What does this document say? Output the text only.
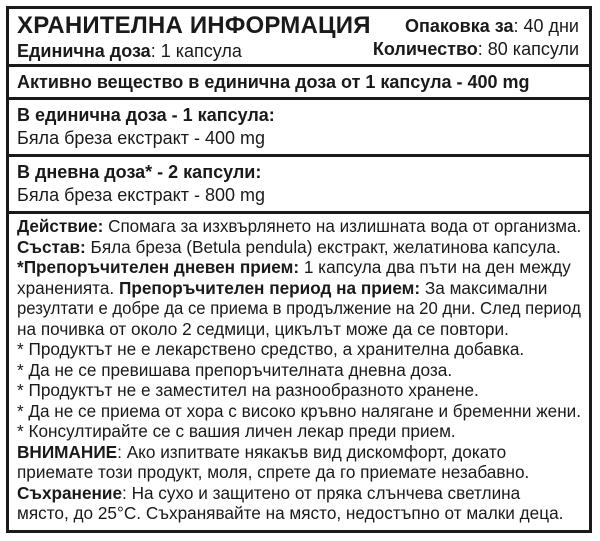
ХРАНИТЕЛНА ИНФОРМАЦИЯ
Единична доза: 1 капсула
Опаковка за: 40 дни
Количество: 80 капсули
Активно вещество в единична доза от 1 капсула - 400 mg
В единична доза - 1 капсула:
Бяла бреза екстракт - 400 mg
В дневна доза* - 2 капсули:
Бяла бреза екстракт - 800 mg
Действие: Спомага за изхвърлянето на излишната вода от организма.
Състав: Бяла бреза (Betula pendula) екстракт, желатинова капсула.
*Препоръчителен дневен прием: 1 капсула два пъти на ден между
храненията. Препоръчителен период на прием: За максимални
резултати е добре да се приема в продължение на 20 дни. След период
на почивка от около 2 седмици, цикълът може да се повтори.
* Продуктът не е лекарствено средство, а хранителна добавка.
* Да не се превишава препоръчителната дневна доза.
* Продуктът не е заместител на разнообразното хранене.
* Да не се приема от хора с високо кръвно налягане и бременни жени.
* Консултирайте се с вашия личен лекар преди прием.
ВНИМАНИЕ: Ако изпитвате някакъв вид дискомфорт, докато
приемате този продукт, моля, спрете да го приемате незабавно.
Съхранение: На сухо и защитено от пряка слънчева светлина
място, до 25°С. Съхранявайте на място, недостъпно от малки деца.
